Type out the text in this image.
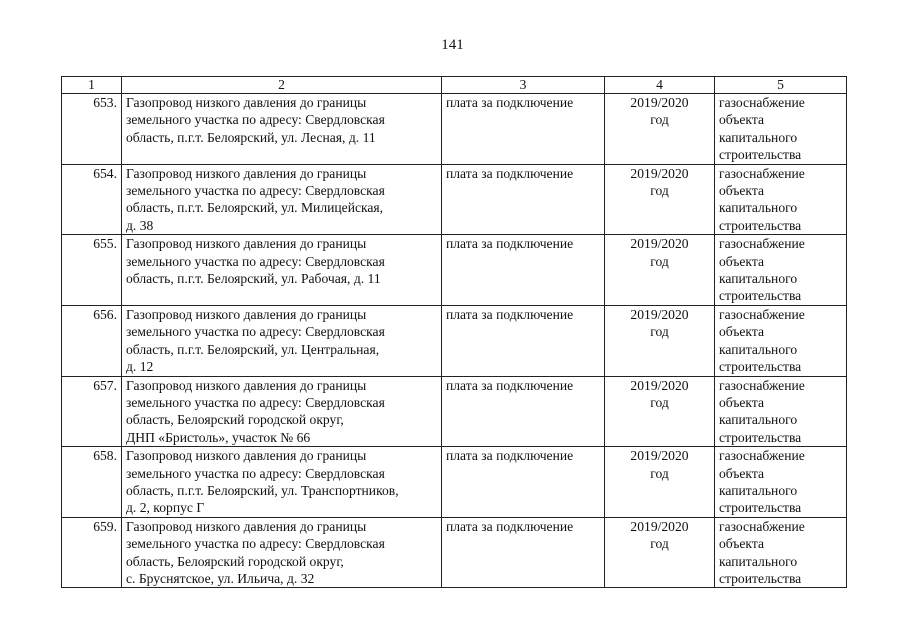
141
1	2	3	4	5
653.	Газопровод низкого давления до границы
земельного участка по адресу: Свердловская
область, п.г.т. Белоярский, ул. Лесная, д. 11	плата за подключение	2019/2020
год	газоснабжение
объекта
капитального
строительства

654.	Газопровод низкого давления до границы
земельного участка по адресу: Свердловская
область, п.г.т. Белоярский, ул. Милицейская,
д. 38	плата за подключение	2019/2020
год	газоснабжение
объекта
капитального
строительства

655.	Газопровод низкого давления до границы
земельного участка по адресу: Свердловская
область, п.г.т. Белоярский, ул. Рабочая, д. 11	плата за подключение	2019/2020
год	газоснабжение
объекта
капитального
строительства

656.	Газопровод низкого давления до границы
земельного участка по адресу: Свердловская
область, п.г.т. Белоярский, ул. Центральная,
д. 12	плата за подключение	2019/2020
год	газоснабжение
объекта
капитального
строительства

657.	Газопровод низкого давления до границы
земельного участка по адресу: Свердловская
область, Белоярский городской округ,
ДНП «Бристоль», участок № 66	плата за подключение	2019/2020
год	газоснабжение
объекта
капитального
строительства

658.	Газопровод низкого давления до границы
земельного участка по адресу: Свердловская
область, п.г.т. Белоярский, ул. Транспортников,
д. 2, корпус Г	плата за подключение	2019/2020
год	газоснабжение
объекта
капитального
строительства

659.	Газопровод низкого давления до границы
земельного участка по адресу: Свердловская
область, Белоярский городской округ,
с. Бруснятское, ул. Ильича, д. 32	плата за подключение	2019/2020
год	газоснабжение
объекта
капитального
строительства
